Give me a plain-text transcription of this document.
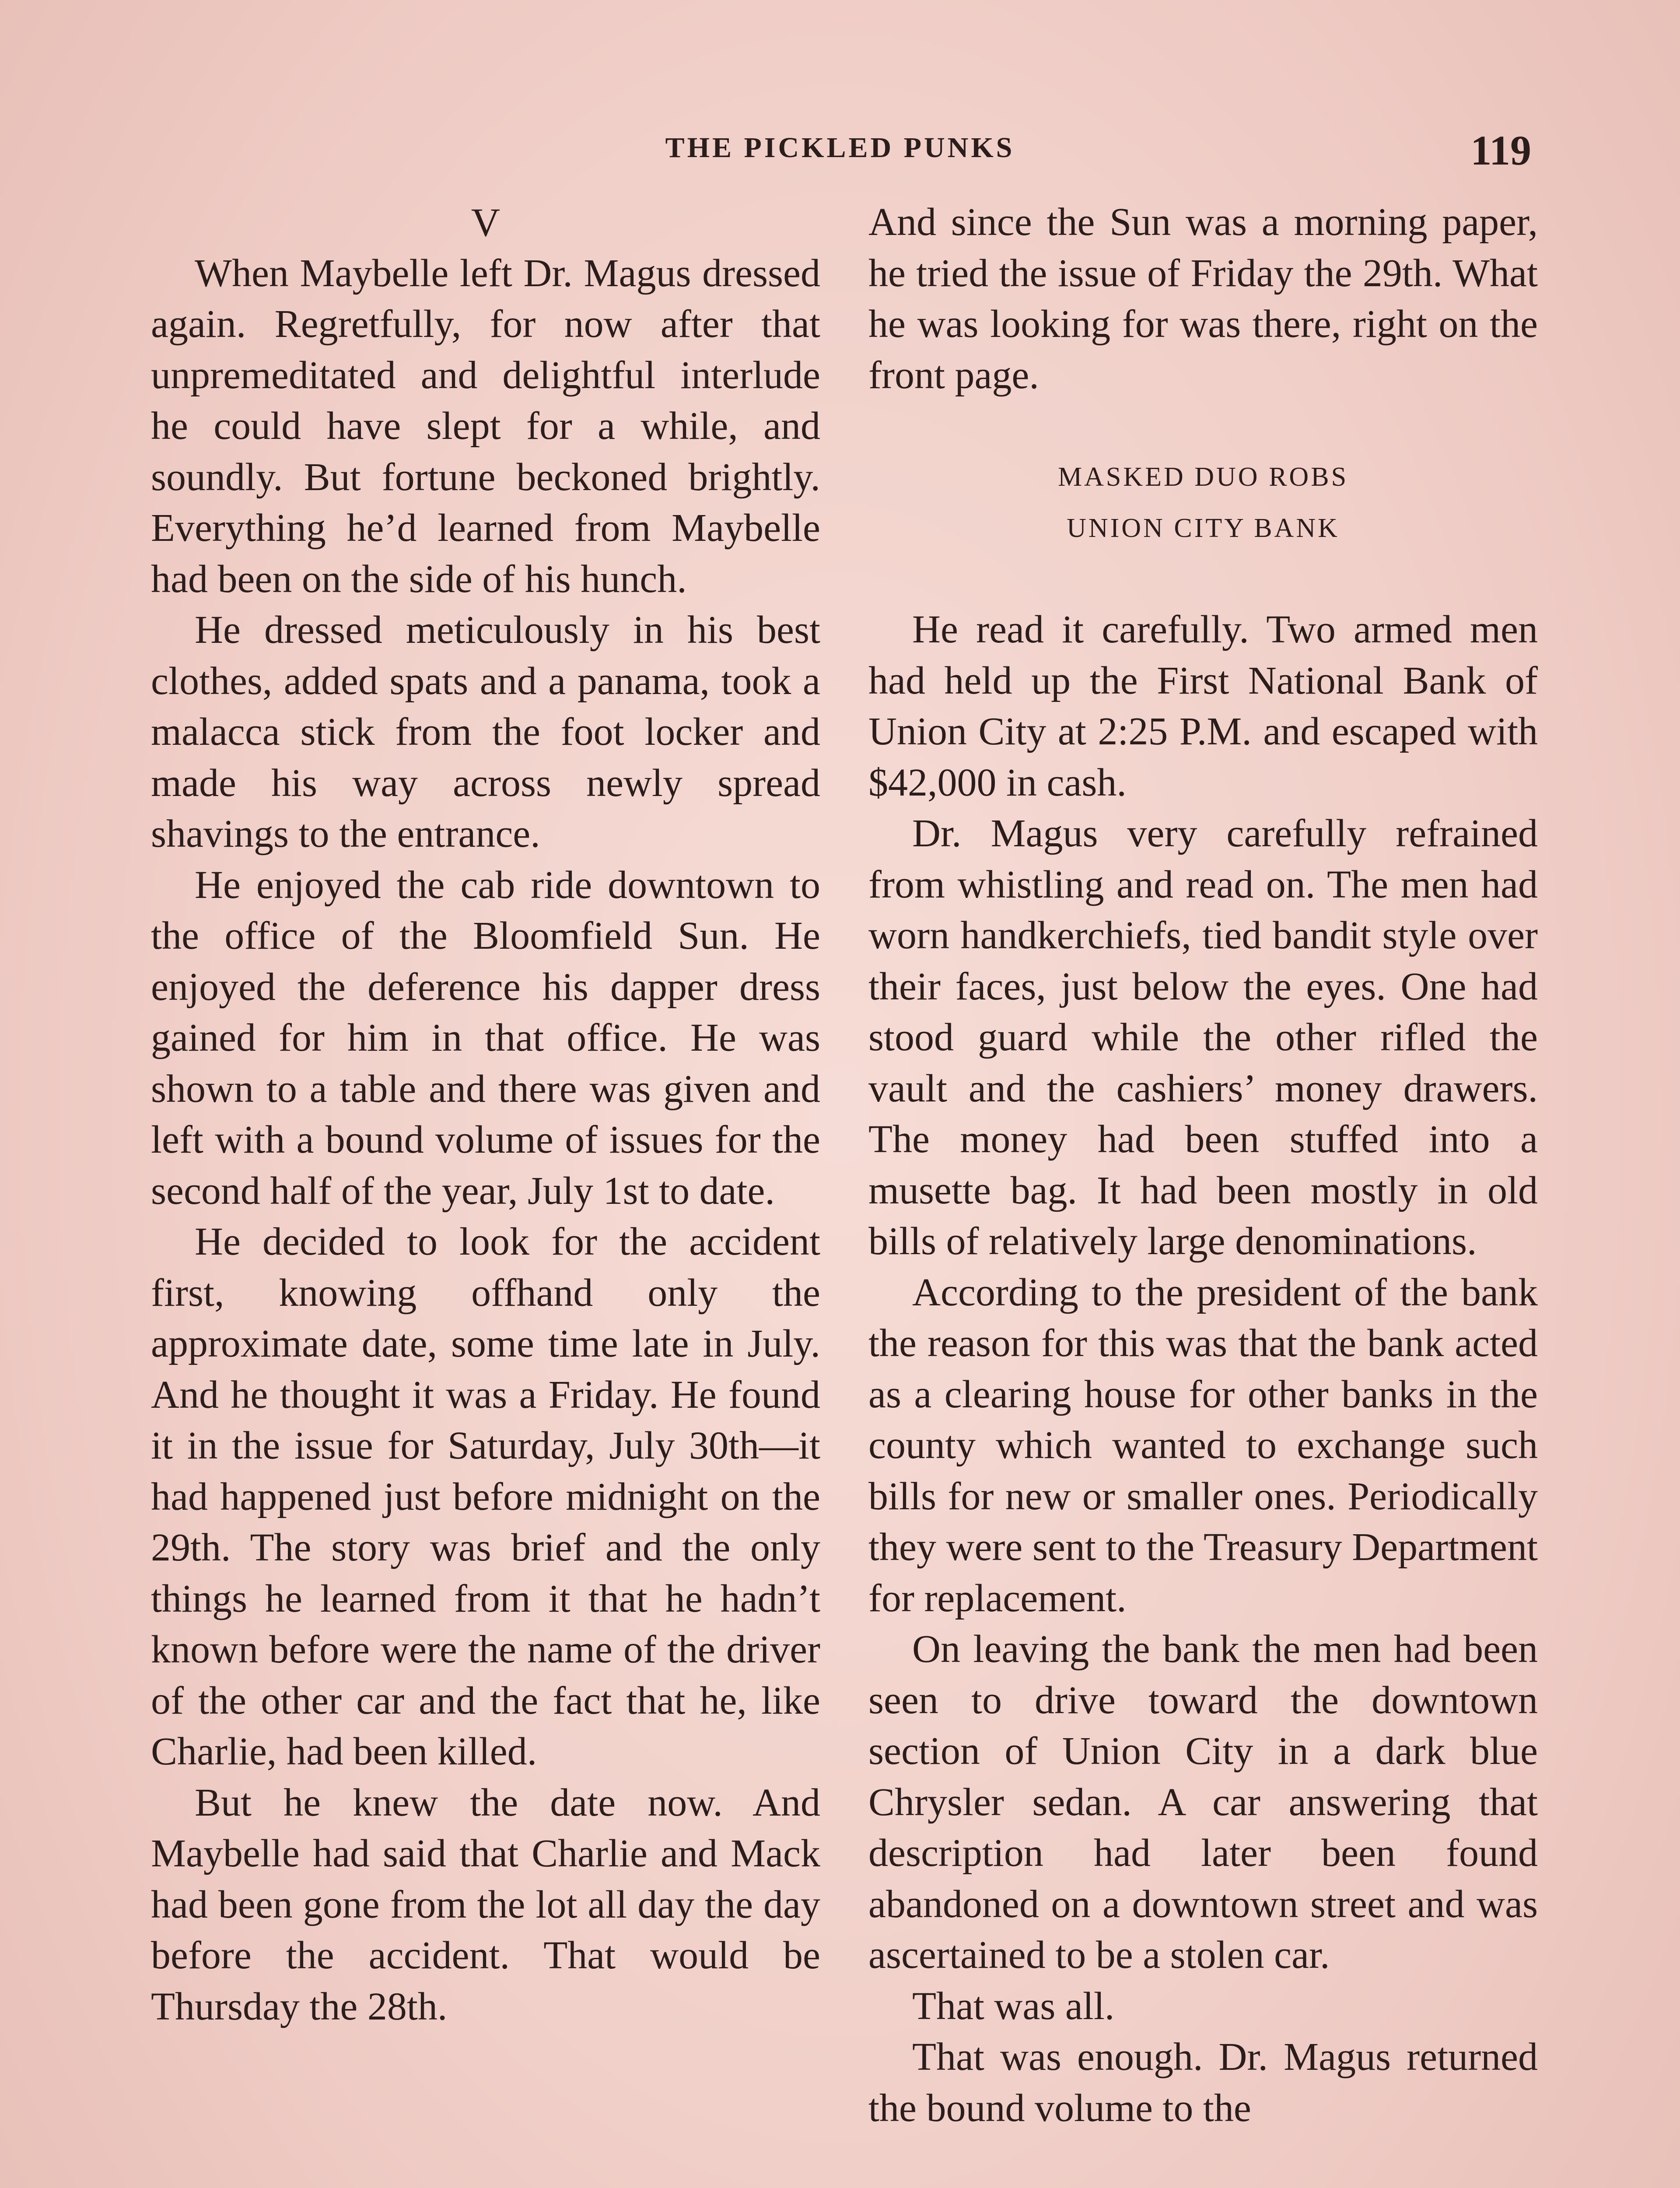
THE PICKLED PUNKS	119

V

When Maybelle left Dr. Magus dressed again. Regretfully, for now after that unpremeditated and delightful interlude he could have slept for a while, and soundly. But fortune beckoned brightly. Everything he’d learned from Maybelle had been on the side of his hunch.

He dressed meticulously in his best clothes, added spats and a panama, took a malacca stick from the foot locker and made his way across newly spread shavings to the entrance.

He enjoyed the cab ride downtown to the office of the Bloomfield Sun. He enjoyed the deference his dapper dress gained for him in that office. He was shown to a table and there was given and left with a bound volume of issues for the second half of the year, July 1st to date.

He decided to look for the accident first, knowing offhand only the approximate date, some time late in July. And he thought it was a Friday. He found it in the issue for Saturday, July 30th—it had happened just before midnight on the 29th. The story was brief and the only things he learned from it that he hadn’t known before were the name of the driver of the other car and the fact that he, like Charlie, had been killed.

But he knew the date now. And Maybelle had said that Charlie and Mack had been gone from the lot all day the day before the accident. That would be Thursday the 28th.

And since the Sun was a morning paper, he tried the issue of Friday the 29th. What he was looking for was there, right on the front page.

MASKED DUO ROBS

UNION CITY BANK

He read it carefully. Two armed men had held up the First National Bank of Union City at 2:25 P.M. and escaped with $42,000 in cash.

Dr. Magus very carefully refrained from whistling and read on. The men had worn handkerchiefs, tied bandit style over their faces, just below the eyes. One had stood guard while the other rifled the vault and the cashiers’ money drawers. The money had been stuffed into a musette bag. It had been mostly in old bills of relatively large denominations.

According to the president of the bank the reason for this was that the bank acted as a clearing house for other banks in the county which wanted to exchange such bills for new or smaller ones. Periodically they were sent to the Treasury Department for replacement.

On leaving the bank the men had been seen to drive toward the downtown section of Union City in a dark blue Chrysler sedan. A car answering that description had later been found abandoned on a downtown street and was ascertained to be a stolen car.

That was all.

That was enough. Dr. Magus returned the bound volume to the
